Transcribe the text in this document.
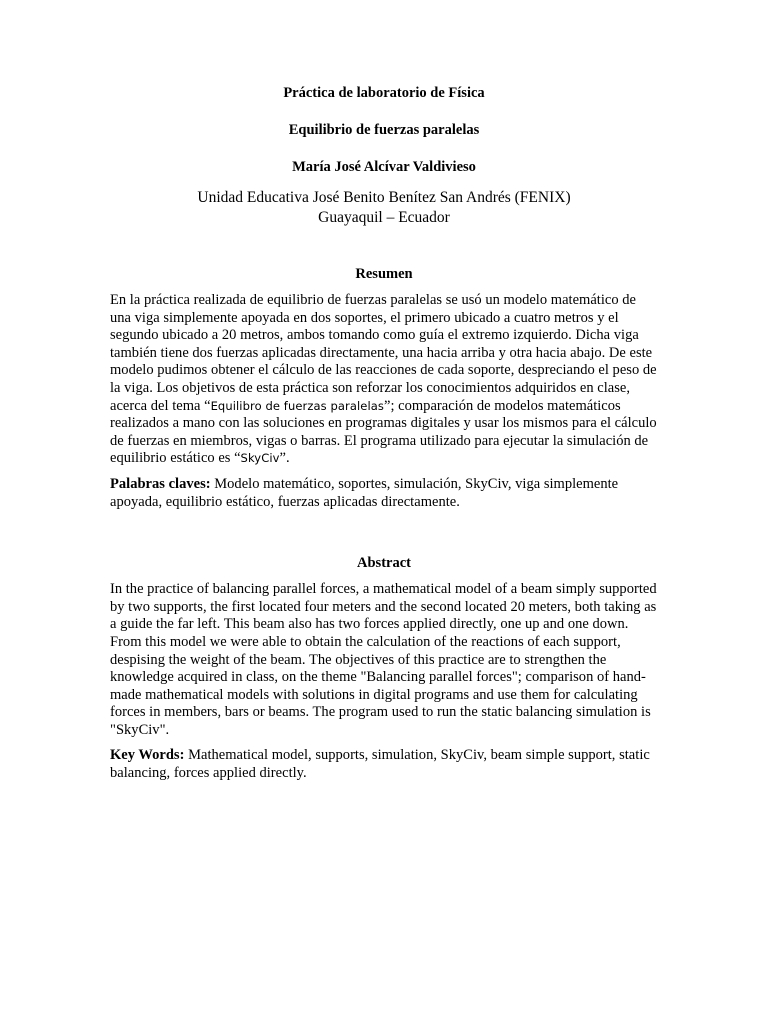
Práctica de laboratorio de Física
Equilibrio de fuerzas paralelas
María José Alcívar Valdivieso
Unidad Educativa José Benito Benítez San Andrés (FENIX)
Guayaquil – Ecuador
Resumen

En la práctica realizada de equilibrio de fuerzas paralelas se usó un modelo matemático de una viga simplemente apoyada en dos soportes, el primero ubicado a cuatro metros y el segundo ubicado a 20 metros, ambos tomando como guía el extremo izquierdo. Dicha viga también tiene dos fuerzas aplicadas directamente, una hacia arriba y otra hacia abajo. De este modelo pudimos obtener el cálculo de las reacciones de cada soporte, despreciando el peso de la viga. Los objetivos de esta práctica son reforzar los conocimientos adquiridos en clase, acerca del tema “Equilibro de fuerzas paralelas”; comparación de modelos matemáticos realizados a mano con las soluciones en programas digitales y usar los mismos para el cálculo de fuerzas en miembros, vigas o barras. El programa utilizado para ejecutar la simulación de equilibrio estático es “SkyCiv”.

Palabras claves: Modelo matemático, soportes, simulación, SkyCiv, viga simplemente apoyada, equilibrio estático, fuerzas aplicadas directamente.

Abstract

In the practice of balancing parallel forces, a mathematical model of a beam simply supported by two supports, the first located four meters and the second located 20 meters, both taking as a guide the far left. This beam also has two forces applied directly, one up and one down. From this model we were able to obtain the calculation of the reactions of each support, despising the weight of the beam. The objectives of this practice are to strengthen the knowledge acquired in class, on the theme "Balancing parallel forces"; comparison of hand-made mathematical models with solutions in digital programs and use them for calculating forces in members, bars or beams. The program used to run the static balancing simulation is "SkyCiv".

Key Words: Mathematical model, supports, simulation, SkyCiv, beam simple support, static balancing, forces applied directly.
